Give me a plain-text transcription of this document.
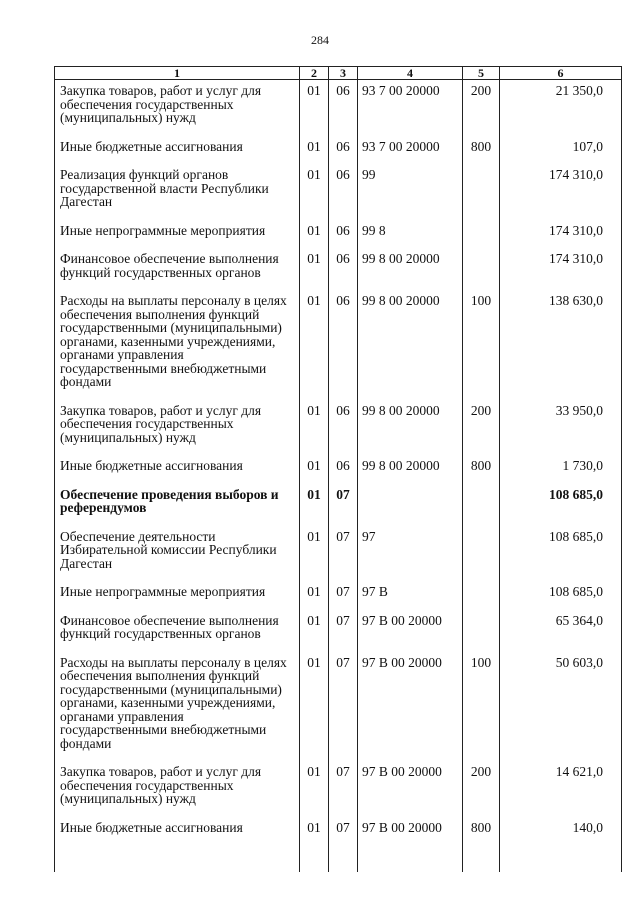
284
1	2	3	4	5	6
Закупка товаров, работ и услуг для обеспечения государственных (муниципальных) нужд	01	06	93 7 00 20000	200	21 350,0
Иные бюджетные ассигнования	01	06	93 7 00 20000	800	107,0
Реализация функций органов государственной власти Республики Дагестан	01	06	99		174 310,0
Иные непрограммные мероприятия	01	06	99 8		174 310,0
Финансовое обеспечение выполнения функций государственных органов	01	06	99 8 00 20000		174 310,0
Расходы на выплаты персоналу в целях обеспечения выполнения функций государственными (муниципальными) органами, казенными учреждениями, органами управления государственными внебюджетными фондами	01	06	99 8 00 20000	100	138 630,0
Закупка товаров, работ и услуг для обеспечения государственных (муниципальных) нужд	01	06	99 8 00 20000	200	33 950,0
Иные бюджетные ассигнования	01	06	99 8 00 20000	800	1 730,0
Обеспечение проведения выборов и референдумов	01	07			108 685,0
Обеспечение деятельности Избирательной комиссии Республики Дагестан	01	07	97		108 685,0
Иные непрограммные мероприятия	01	07	97 В		108 685,0
Финансовое обеспечение выполнения функций государственных органов	01	07	97 В 00 20000		65 364,0
Расходы на выплаты персоналу в целях обеспечения выполнения функций государственными (муниципальными) органами, казенными учреждениями, органами управления государственными внебюджетными фондами	01	07	97 В 00 20000	100	50 603,0
Закупка товаров, работ и услуг для обеспечения государственных (муниципальных) нужд	01	07	97 В 00 20000	200	14 621,0
Иные бюджетные ассигнования	01	07	97 В 00 20000	800	140,0
